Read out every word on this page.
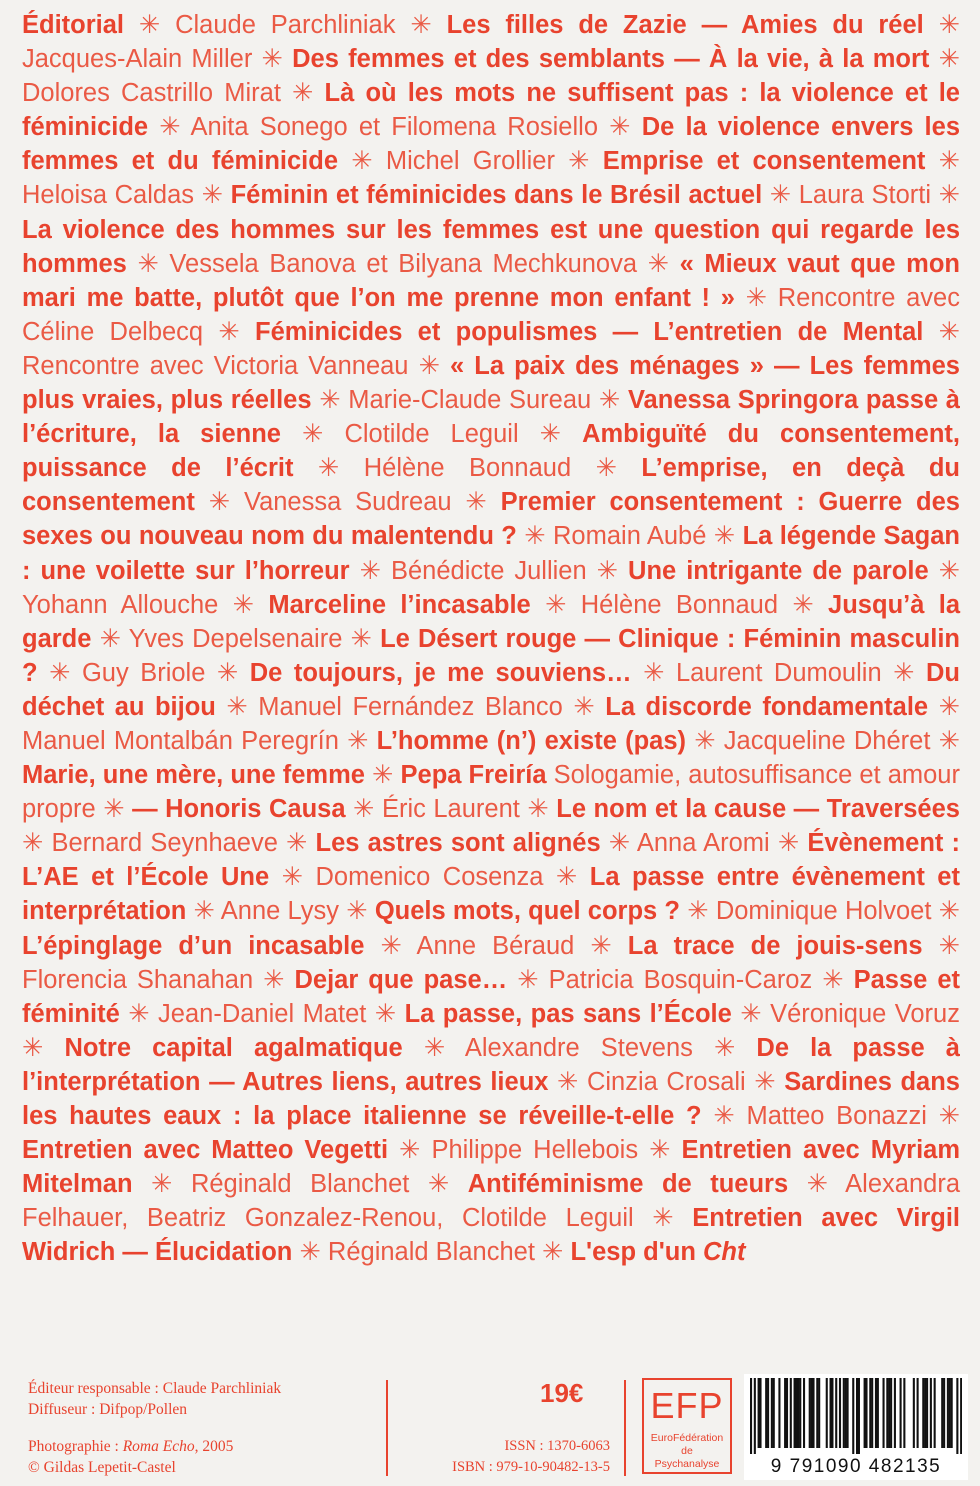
Éditorial ✳ Claude Parchliniak ✳ Les filles de Zazie — Amies du réel ✳ Jacques-Alain Miller ✳ Des femmes et des semblants — À la vie, à la mort ✳ Dolores Castrillo Mirat ✳ Là où les mots ne suffisent pas : la violence et le féminicide ✳ Anita Sonego et Filomena Rosiello ✳ De la violence envers les femmes et du féminicide ✳ Michel Grollier ✳ Emprise et consentement ✳ Heloisa Caldas ✳ Féminin et féminicides dans le Brésil actuel ✳ Laura Storti ✳ La violence des hommes sur les femmes est une question qui regarde les hommes ✳ Vessela Banova et Bilyana Mechkunova ✳ « Mieux vaut que mon mari me batte, plutôt que l’on me prenne mon enfant ! » ✳ Rencontre avec Céline Delbecq ✳ Féminicides et populismes — L’entretien de Mental ✳ Rencontre avec Victoria Vanneau ✳ « La paix des ménages » — Les femmes plus vraies, plus réelles ✳ Marie-Claude Sureau ✳ Vanessa Springora passe à l’écriture, la sienne ✳ Clotilde Leguil ✳ Ambiguïté du consentement, puissance de l’écrit ✳ Hélène Bonnaud ✳ L’emprise, en deçà du consentement ✳ Vanessa Sudreau ✳ Premier consentement : Guerre des sexes ou nouveau nom du malentendu ? ✳ Romain Aubé ✳ La légende Sagan : une voilette sur l’horreur ✳ Bénédicte Jullien ✳ Une intrigante de parole ✳ Yohann Allouche ✳ Marceline l’incasable ✳ Hélène Bonnaud ✳ Jusqu’à la garde ✳ Yves Depelsenaire ✳ Le Désert rouge — Clinique : Féminin masculin ? ✳ Guy Briole ✳ De toujours, je me souviens… ✳ Laurent Dumoulin ✳ Du déchet au bijou ✳ Manuel Fernández Blanco ✳ La discorde fondamentale ✳ Manuel Montalbán Peregrín ✳ L’homme (n’) existe (pas) ✳ Jacqueline Dhéret ✳ Marie, une mère, une femme ✳ Pepa Freiría Sologamie, autosuffisance et amour propre ✳ — Honoris Causa ✳ Éric Laurent ✳ Le nom et la cause — Traversées ✳ Bernard Seynhaeve ✳ Les astres sont alignés ✳ Anna Aromi ✳ Évènement : L’AE et l’École Une ✳ Domenico Cosenza ✳ La passe entre évènement et interprétation ✳ Anne Lysy ✳ Quels mots, quel corps ? ✳ Dominique Holvoet ✳ L’épinglage d’un incasable ✳ Anne Béraud ✳ La trace de jouis-sens ✳ Florencia Shanahan ✳ Dejar que pase… ✳ Patricia Bosquin-Caroz ✳ Passe et féminité ✳ Jean-Daniel Matet ✳ La passe, pas sans l’École ✳ Véronique Voruz ✳ Notre capital agalmatique ✳ Alexandre Stevens ✳ De la passe à l’interprétation — Autres liens, autres lieux ✳ Cinzia Crosali ✳ Sardines dans les hautes eaux : la place italienne se réveille-t-elle ? ✳ Matteo Bonazzi ✳ Entretien avec Matteo Vegetti ✳ Philippe Hellebois ✳ Entretien avec Myriam Mitelman ✳ Réginald Blanchet ✳ Antiféminisme de tueurs ✳ Alexandra Felhauer, Beatriz Gonzalez-Renou, Clotilde Leguil ✳ Entretien avec Virgil Widrich — Élucidation ✳ Réginald Blanchet ✳ L'esp d'un Cht
Éditeur responsable : Claude Parchliniak
Diffuseur : Difpop/Pollen
Photographie : Roma Echo, 2005
© Gildas Lepetit-Castel
19€
ISSN : 1370-6063
ISBN : 979-10-90482-13-5
EFP
EuroFédération
de Psychanalyse	9 791090 482135
